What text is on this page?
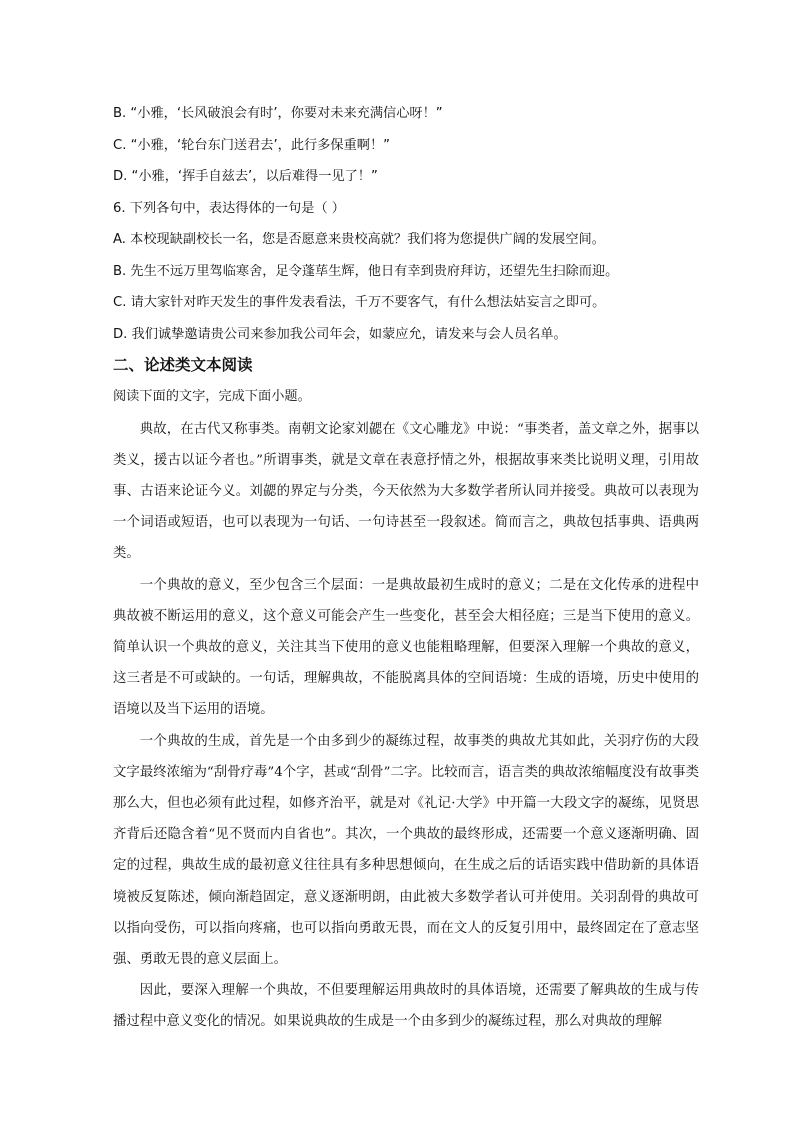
B. “小雅，‘长风破浪会有时’，你要对未来充满信心呀！”
C. “小雅，‘轮台东门送君去’，此行多保重啊！”
D. “小雅，‘挥手自兹去’，以后难得一见了！”
6. 下列各句中，表达得体的一句是（ ）
A. 本校现缺副校长一名，您是否愿意来贵校高就？我们将为您提供广阔的发展空间。
B. 先生不远万里驾临寒舍，足令蓬荜生辉，他日有幸到贵府拜访，还望先生扫除而迎。
C. 请大家针对昨天发生的事件发表看法，千万不要客气，有什么想法姑妄言之即可。
D. 我们诚挚邀请贵公司来参加我公司年会，如蒙应允，请发来与会人员名单。
二、论述类文本阅读
阅读下面的文字，完成下面小题。

典故，在古代又称事类。南朝文论家刘勰在《文心雕龙》中说：“事类者，盖文章之外，据事以类义，援古以证今者也。”所谓事类，就是文章在表意抒情之外，根据故事来类比说明义理，引用故事、古语来论证今义。刘勰的界定与分类，今天依然为大多数学者所认同并接受。典故可以表现为一个词语或短语，也可以表现为一句话、一句诗甚至一段叙述。简而言之，典故包括事典、语典两类。

一个典故的意义，至少包含三个层面：一是典故最初生成时的意义；二是在文化传承的进程中典故被不断运用的意义，这个意义可能会产生一些变化，甚至会大相径庭；三是当下使用的意义。简单认识一个典故的意义，关注其当下使用的意义也能粗略理解，但要深入理解一个典故的意义，这三者是不可或缺的。一句话，理解典故，不能脱离具体的空间语境：生成的语境，历史中使用的语境以及当下运用的语境。

一个典故的生成，首先是一个由多到少的凝练过程，故事类的典故尤其如此，关羽疗伤的大段文字最终浓缩为“刮骨疗毒”4个字，甚或“刮骨”二字。比较而言，语言类的典故浓缩幅度没有故事类那么大，但也必须有此过程，如修齐治平，就是对《礼记·大学》中开篇一大段文字的凝练，见贤思齐背后还隐含着“见不贤而内自省也”。其次，一个典故的最终形成，还需要一个意义逐渐明确、固定的过程，典故生成的最初意义往往具有多种思想倾向，在生成之后的话语实践中借助新的具体语境被反复陈述，倾向渐趋固定，意义逐渐明朗，由此被大多数学者认可并使用。关羽刮骨的典故可以指向受伤，可以指向疼痛，也可以指向勇敢无畏，而在文人的反复引用中，最终固定在了意志坚强、勇敢无畏的意义层面上。

因此，要深入理解一个典故，不但要理解运用典故时的具体语境，还需要了解典故的生成与传播过程中意义变化的情况。如果说典故的生成是一个由多到少的凝练过程，那么对典故的理解
